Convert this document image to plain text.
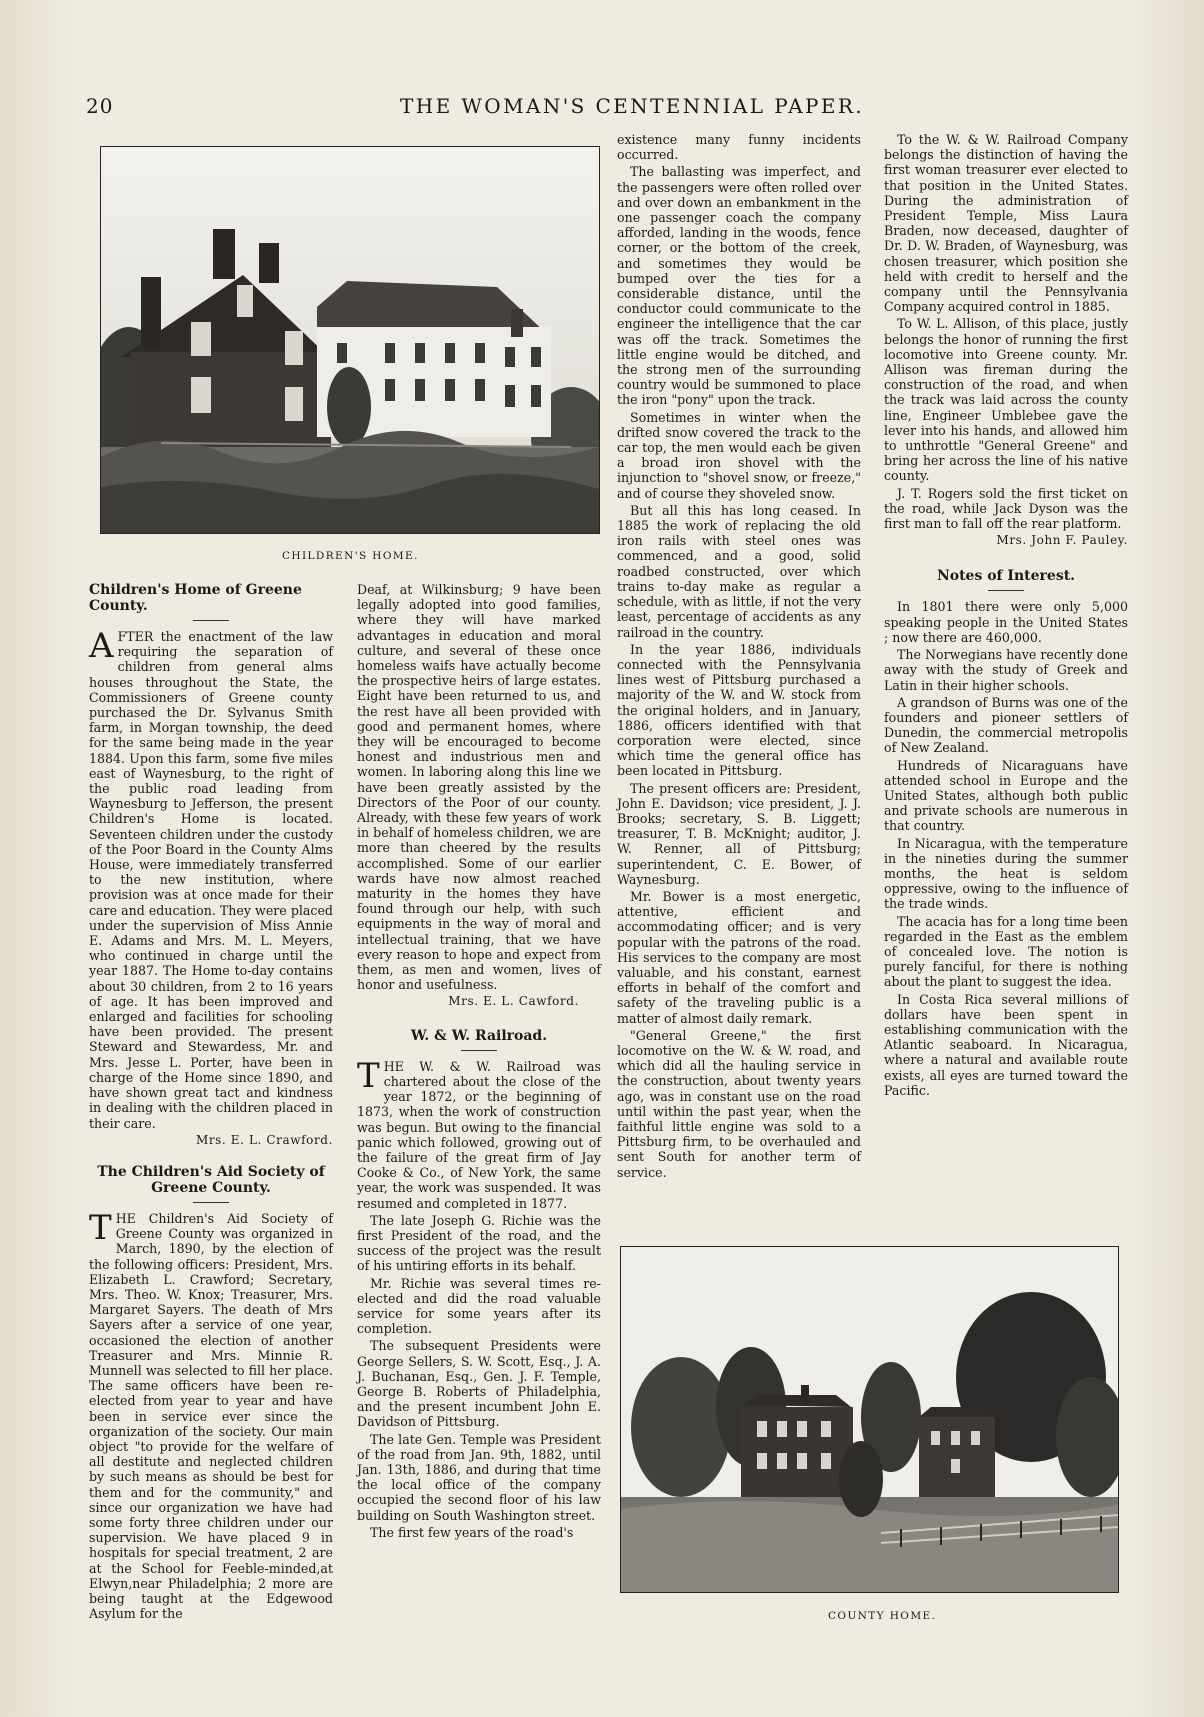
20	THE WOMAN'S CENTENNIAL PAPER.
CHILDREN'S HOME.
Children's Home of Greene County.

AFTER the enactment of the law requiring the separation of children from general alms houses throughout the State, the Commissioners of Greene county purchased the Dr. Sylvanus Smith farm, in Morgan township, the deed for the same being made in the year 1884. Upon this farm, some five miles east of Waynesburg, to the right of the public road leading from Waynesburg to Jefferson, the present Children's Home is located. Seventeen children under the custody of the Poor Board in the County Alms House, were immediately transferred to the new institution, where provision was at once made for their care and education. They were placed under the supervision of Miss Annie E. Adams and Mrs. M. L. Meyers, who continued in charge until the year 1887. The Home to-day contains about 30 children, from 2 to 16 years of age. It has been improved and enlarged and facilities for schooling have been provided. The present Steward and Stewardess, Mr. and Mrs. Jesse L. Porter, have been in charge of the Home since 1890, and have shown great tact and kindness in dealing with the children placed in their care.

Mrs. E. L. Crawford.
The Children's Aid Society of
Greene County.

THE Children's Aid Society of Greene County was organized in March, 1890, by the election of the following officers: President, Mrs. Elizabeth L. Crawford; Secretary, Mrs. Theo. W. Knox; Treasurer, Mrs. Margaret Sayers. The death of Mrs Sayers after a service of one year, occasioned the election of another Treasurer and Mrs. Minnie R. Munnell was selected to fill her place. The same officers have been re-elected from year to year and have been in service ever since the organization of the society. Our main object "to provide for the welfare of all destitute and neglected children by such means as should be best for them and for the community," and since our organization we have had some forty three children under our supervision. We have placed 9 in hospitals for special treatment, 2 are at the School for Feeble-minded,at Elwyn,near Philadelphia; 2 more are being taught at the Edgewood Asylum for the

Deaf, at Wilkinsburg; 9 have been legally adopted into good families, where they will have marked advantages in education and moral culture, and several of these once homeless waifs have actually become the prospective heirs of large estates. Eight have been returned to us, and the rest have all been provided with good and permanent homes, where they will be encouraged to become honest and industrious men and women. In laboring along this line we have been greatly assisted by the Directors of the Poor of our county. Already, with these few years of work in behalf of homeless children, we are more than cheered by the results accomplished. Some of our earlier wards have now almost reached maturity in the homes they have found through our help, with such equipments in the way of moral and intellectual training, that we have every reason to hope and expect from them, as men and women, lives of honor and usefulness.

Mrs. E. L. Cawford.
W. & W. Railroad.

THE W. & W. Railroad was chartered about the close of the year 1872, or the beginning of 1873, when the work of construction was begun. But owing to the financial panic which followed, growing out of the failure of the great firm of Jay Cooke & Co., of New York, the same year, the work was suspended. It was resumed and completed in 1877.

The late Joseph G. Richie was the first President of the road, and the success of the project was the result of his untiring efforts in its behalf.

Mr. Richie was several times re-elected and did the road valuable service for some years after its completion.

The subsequent Presidents were George Sellers, S. W. Scott, Esq., J. A. J. Buchanan, Esq., Gen. J. F. Temple, George B. Roberts of Philadelphia, and the present incumbent John E. Davidson of Pittsburg.

The late Gen. Temple was President of the road from Jan. 9th, 1882, until Jan. 13th, 1886, and during that time the local office of the company occupied the second floor of his law building on South Washington street.

The first few years of the road's

existence many funny incidents occurred.

The ballasting was imperfect, and the passengers were often rolled over and over down an embankment in the one passenger coach the company afforded, landing in the woods, fence corner, or the bottom of the creek, and sometimes they would be bumped over the ties for a considerable distance, until the conductor could communicate to the engineer the intelligence that the car was off the track. Sometimes the little engine would be ditched, and the strong men of the surrounding country would be summoned to place the iron "pony" upon the track.

Sometimes in winter when the drifted snow covered the track to the car top, the men would each be given a broad iron shovel with the injunction to "shovel snow, or freeze," and of course they shoveled snow.

But all this has long ceased. In 1885 the work of replacing the old iron rails with steel ones was commenced, and a good, solid roadbed constructed, over which trains to-day make as regular a schedule, with as little, if not the very least, percentage of accidents as any railroad in the country.

In the year 1886, individuals connected with the Pennsylvania lines west of Pittsburg purchased a majority of the W. and W. stock from the original holders, and in January, 1886, officers identified with that corporation were elected, since which time the general office has been located in Pittsburg.

The present officers are: President, John E. Davidson; vice president, J. J. Brooks; secretary, S. B. Liggett; treasurer, T. B. McKnight; auditor, J. W. Renner, all of Pittsburg; superintendent, C. E. Bower, of Waynesburg.

Mr. Bower is a most energetic, attentive, efficient and accommodating officer; and is very popular with the patrons of the road. His services to the company are most valuable, and his constant, earnest efforts in behalf of the comfort and safety of the traveling public is a matter of almost daily remark.

"General Greene," the first locomotive on the W. & W. road, and which did all the hauling service in the construction, about twenty years ago, was in constant use on the road until within the past year, when the faithful little engine was sold to a Pittsburg firm, to be overhauled and sent South for another term of service.

To the W. & W. Railroad Company belongs the distinction of having the first woman treasurer ever elected to that position in the United States. During the administration of President Temple, Miss Laura Braden, now deceased, daughter of Dr. D. W. Braden, of Waynesburg, was chosen treasurer, which position she held with credit to herself and the company until the Pennsylvania Company acquired control in 1885.

To W. L. Allison, of this place, justly belongs the honor of running the first locomotive into Greene county. Mr. Allison was fireman during the construction of the road, and when the track was laid across the county line, Engineer Umblebee gave the lever into his hands, and allowed him to unthrottle "General Greene" and bring her across the line of his native county.

J. T. Rogers sold the first ticket on the road, while Jack Dyson was the first man to fall off the rear platform.

Mrs. John F. Pauley.
Notes of Interest.

In 1801 there were only 5,000 speaking people in the United States ; now there are 460,000.

The Norwegians have recently done away with the study of Greek and Latin in their higher schools.

A grandson of Burns was one of the founders and pioneer settlers of Dunedin, the commercial metropolis of New Zealand.

Hundreds of Nicaraguans have attended school in Europe and the United States, although both public and private schools are numerous in that country.

In Nicaragua, with the temperature in the nineties during the summer months, the heat is seldom oppressive, owing to the influence of the trade winds.

The acacia has for a long time been regarded in the East as the emblem of concealed love. The notion is purely fanciful, for there is nothing about the plant to suggest the idea.

In Costa Rica several millions of dollars have been spent in establishing communication with the Atlantic seaboard. In Nicaragua, where a natural and available route exists, all eyes are turned toward the Pacific.

COUNTY HOME.
